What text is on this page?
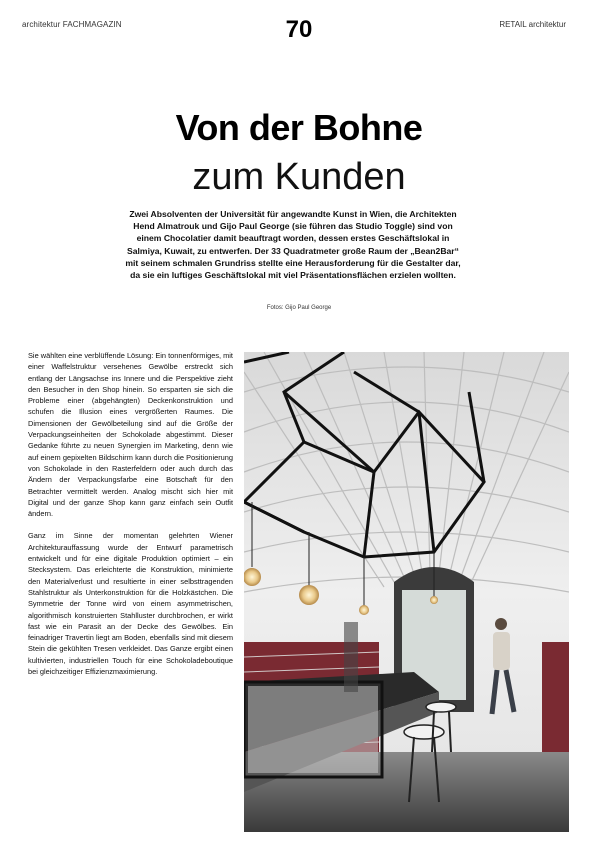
architektur FACHMAGAZIN	70	RETAIL architektur
Von der Bohne
zum Kunden

Zwei Absolventen der Universität für angewandte Kunst in Wien, die Architekten Hend Almatrouk und Gijo Paul George (sie führen das Studio Toggle) sind von einem Chocolatier damit beauftragt worden, dessen erstes Geschäftslokal in Salmiya, Kuwait, zu entwerfen. Der 33 Quadratmeter große Raum der „Bean2Bar“ mit seinem schmalen Grundriss stellte eine Herausforderung für die Gestalter dar, da sie ein luftiges Geschäftslokal mit viel Präsentationsflächen erzielen wollten.

Fotos: Gijo Paul George

Sie wählten eine verblüffende Lösung: Ein tonnenförmiges, mit einer Waffelstruktur versehenes Gewölbe erstreckt sich entlang der Längsachse ins Innere und die Perspektive zieht den Besucher in den Shop hinein. So ersparten sie sich die Probleme einer (abgehängten) Deckenkonstruktion und schufen die Illusion eines vergrößerten Raumes. Die Dimensionen der Gewölbeteilung sind auf die Größe der Verpackungseinheiten der Schokolade abgestimmt. Dieser Gedanke führte zu neuen Synergien im Marketing, denn wie auf einem gepixelten Bildschirm kann durch die Positionierung von Schokolade in den Rasterfeldern oder auch durch das Ändern der Verpackungsfarbe eine Botschaft für den Betrachter vermittelt werden. Analog mischt sich hier mit Digital und der ganze Shop kann ganz einfach sein Outfit ändern.

Ganz im Sinne der momentan gelehrten Wiener Architekturauffassung wurde der Entwurf parametrisch entwickelt und für eine digitale Produktion optimiert – ein Stecksystem. Das erleichterte die Konstruktion, minimierte den Materialverlust und resultierte in einer selbsttragenden Stahlstruktur als Unterkonstruktion für die Holzkästchen. Die Symmetrie der Tonne wird von einem asymmetrischen, algorithmisch konstruierten Stahlluster durchbrochen, er wirkt fast wie ein Parasit an der Decke des Gewölbes. Ein feinadriger Travertin liegt am Boden, ebenfalls sind mit diesem Stein die gekühlten Tresen verkleidet. Das Ganze ergibt einen kultivierten, industriellen Touch für eine Schokoladeboutique bei gleichzeitiger Effizienzmaximierung.
